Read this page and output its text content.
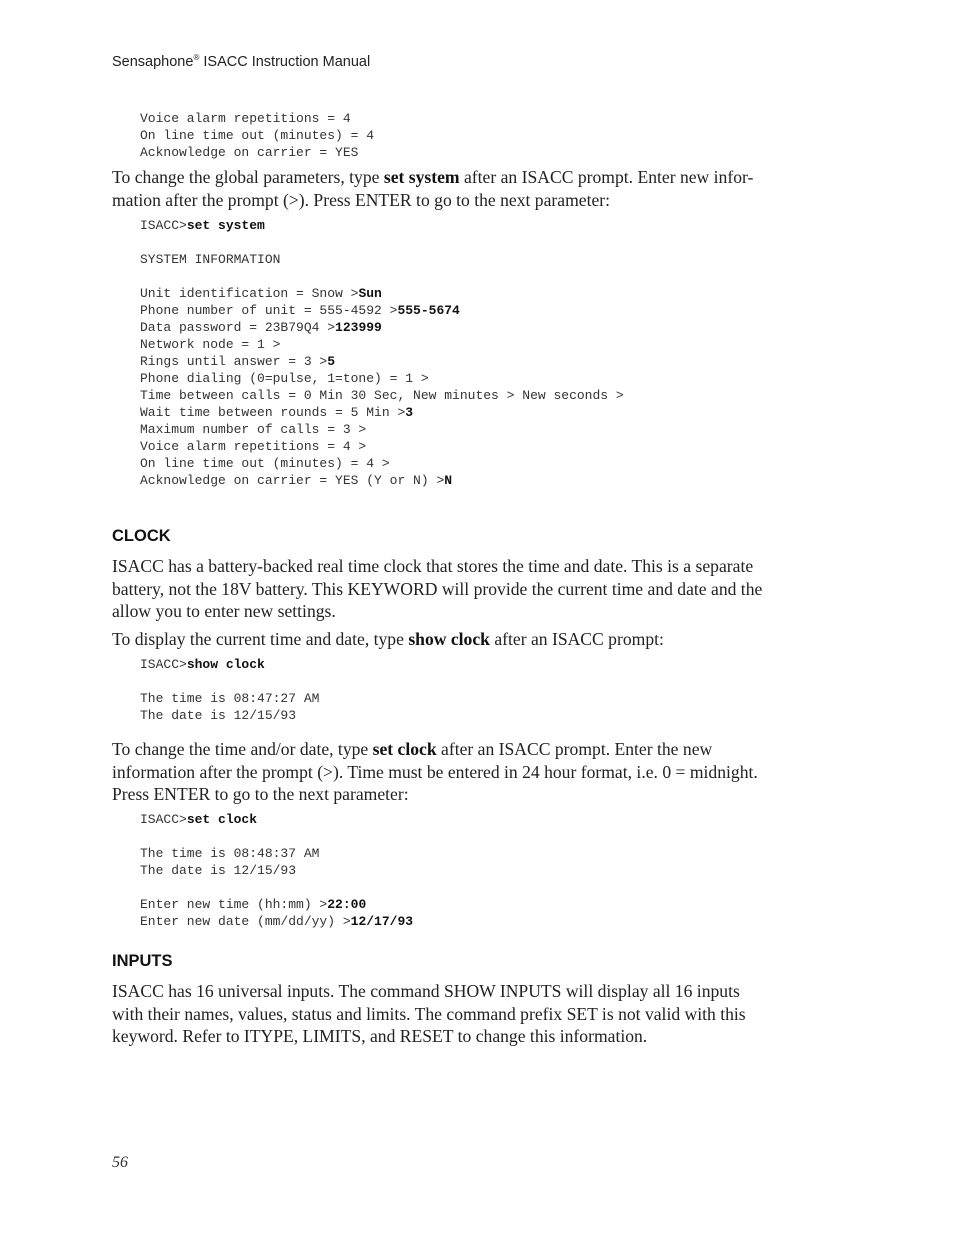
Sensaphone® ISACC Instruction Manual
Voice alarm repetitions = 4
On line time out (minutes) = 4
Acknowledge on carrier = YES

To change the global parameters, type set system after an ISACC prompt. Enter new infor-
mation after the prompt (>). Press ENTER to go to the next parameter:

ISACC>set system
SYSTEM INFORMATION
Unit identification = Snow >Sun
Phone number of unit = 555-4592 >555-5674
Data password = 23B79Q4 >123999
Network node = 1 >
Rings until answer = 3 >5
Phone dialing (0=pulse, 1=tone) = 1 >
Time between calls = 0 Min 30 Sec, New minutes > New seconds >
Wait time between rounds = 5 Min >3
Maximum number of calls = 3 >
Voice alarm repetitions = 4 >
On line time out (minutes) = 4 >
Acknowledge on carrier = YES (Y or N) >N
CLOCK

ISACC has a battery-backed real time clock that stores the time and date. This is a separate
battery, not the 18V battery. This KEYWORD will provide the current time and date and the
allow you to enter new settings.

To display the current time and date, type show clock after an ISACC prompt:

ISACC>show clock
The time is 08:47:27 AM
The date is 12/15/93

To change the time and/or date, type set clock after an ISACC prompt. Enter the new
information after the prompt (>). Time must be entered in 24 hour format, i.e. 0 = midnight.
Press ENTER to go to the next parameter:

ISACC>set clock
The time is 08:48:37 AM
The date is 12/15/93
Enter new time (hh:mm) >22:00
Enter new date (mm/dd/yy) >12/17/93
INPUTS

ISACC has 16 universal inputs. The command SHOW INPUTS will display all 16 inputs
with their names, values, status and limits. The command prefix SET is not valid with this
keyword. Refer to ITYPE, LIMITS, and RESET to change this information.

56
